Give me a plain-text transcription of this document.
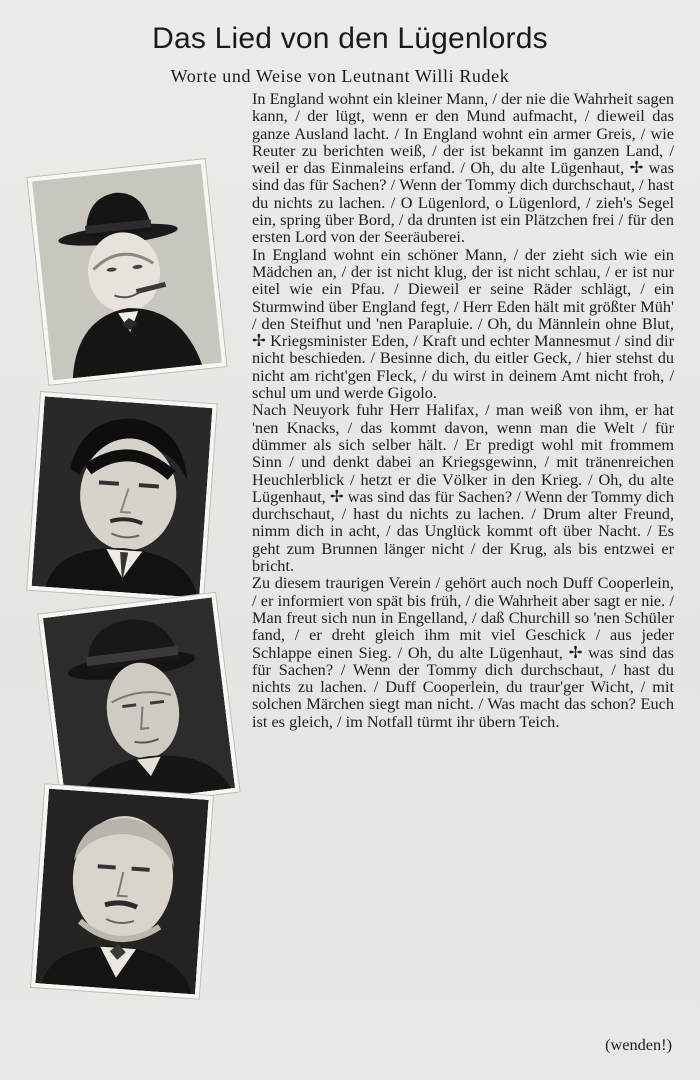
Das Lied von den Lügenlords
Worte und Weise von Leutnant Willi Rudek

In England wohnt ein kleiner Mann, / der nie die Wahrheit sagen kann, / der lügt, wenn er den Mund aufmacht, / dieweil das ganze Ausland lacht. / In England wohnt ein armer Greis, / wie Reuter zu berichten weiß, / der ist bekannt im ganzen Land, / weil er das Einmaleins erfand. / Oh, du alte Lügenhaut, ✢ was sind das für Sachen? / Wenn der Tommy dich durchschaut, / hast du nichts zu lachen. / O Lügenlord, o Lügenlord, / zieh's Segel ein, spring über Bord, / da drunten ist ein Plätzchen frei / für den ersten Lord von der Seeräuberei.

In England wohnt ein schöner Mann, / der zieht sich wie ein Mädchen an, / der ist nicht klug, der ist nicht schlau, / er ist nur eitel wie ein Pfau. / Dieweil er seine Räder schlägt, / ein Sturmwind über England fegt, / Herr Eden hält mit größter Müh' / den Steifhut und 'nen Parapluie. / Oh, du Männlein ohne Blut, ✢ Kriegsminister Eden, / Kraft und echter Mannesmut / sind dir nicht beschieden. / Besinne dich, du eitler Geck, / hier stehst du nicht am richt'gen Fleck, / du wirst in deinem Amt nicht froh, / schul um und werde Gigolo.

Nach Neuyork fuhr Herr Halifax, / man weiß von ihm, er hat 'nen Knacks, / das kommt davon, wenn man die Welt / für dümmer als sich selber hält. / Er predigt wohl mit frommem Sinn / und denkt dabei an Kriegsgewinn, / mit tränenreichen Heuchlerblick / hetzt er die Völker in den Krieg. / Oh, du alte Lügenhaut, ✢ was sind das für Sachen? / Wenn der Tommy dich durchschaut, / hast du nichts zu lachen. / Drum alter Freund, nimm dich in acht, / das Unglück kommt oft über Nacht. / Es geht zum Brunnen länger nicht / der Krug, als bis entzwei er bricht.

Zu diesem traurigen Verein / gehört auch noch Duff Cooperlein, / er informiert von spät bis früh, / die Wahrheit aber sagt er nie. / Man freut sich nun in Engelland, / daß Churchill so 'nen Schüler fand, / er dreht gleich ihm mit viel Geschick / aus jeder Schlappe einen Sieg. / Oh, du alte Lügenhaut, ✢ was sind das für Sachen? / Wenn der Tommy dich durchschaut, / hast du nichts zu lachen. / Duff Cooperlein, du traur'ger Wicht, / mit solchen Märchen siegt man nicht. / Was macht das schon? Euch ist es gleich, / im Notfall türmt ihr übern Teich.

(wenden!)
